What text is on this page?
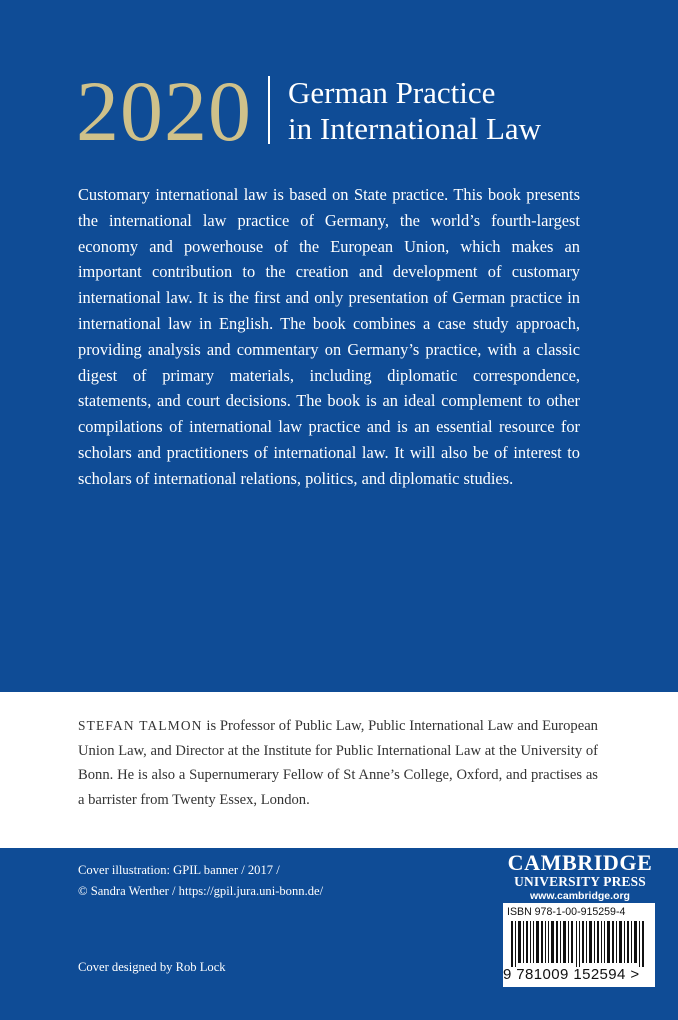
2020 German Practice
in International Law

Customary international law is based on State practice. This book presents the international law practice of Germany, the world’s fourth-largest economy and powerhouse of the European Union, which makes an important contribution to the creation and development of customary international law. It is the first and only presentation of German practice in international law in English. The book combines a case study approach, providing analysis and commentary on Germany’s practice, with a classic digest of primary materials, including diplomatic correspondence, statements, and court decisions. The book is an ideal complement to other compilations of international law practice and is an essential resource for scholars and practitioners of international law. It will also be of interest to scholars of international relations, politics, and diplomatic studies.

STEFAN TALMON is Professor of Public Law, Public International Law and European Union Law, and Director at the Institute for Public International Law at the University of Bonn. He is also a Supernumerary Fellow of St Anne’s College, Oxford, and practises as a barrister from Twenty Essex, London.

Cover illustration: GPIL banner / 2017 /
© Sandra Werther / https://gpil.jura.uni-bonn.de/
Cover designed by Rob Lock
CAMBRIDGE
UNIVERSITY PRESS
www.cambridge.org
ISBN 978-1-00-915259-4
9 781009 152594 >
